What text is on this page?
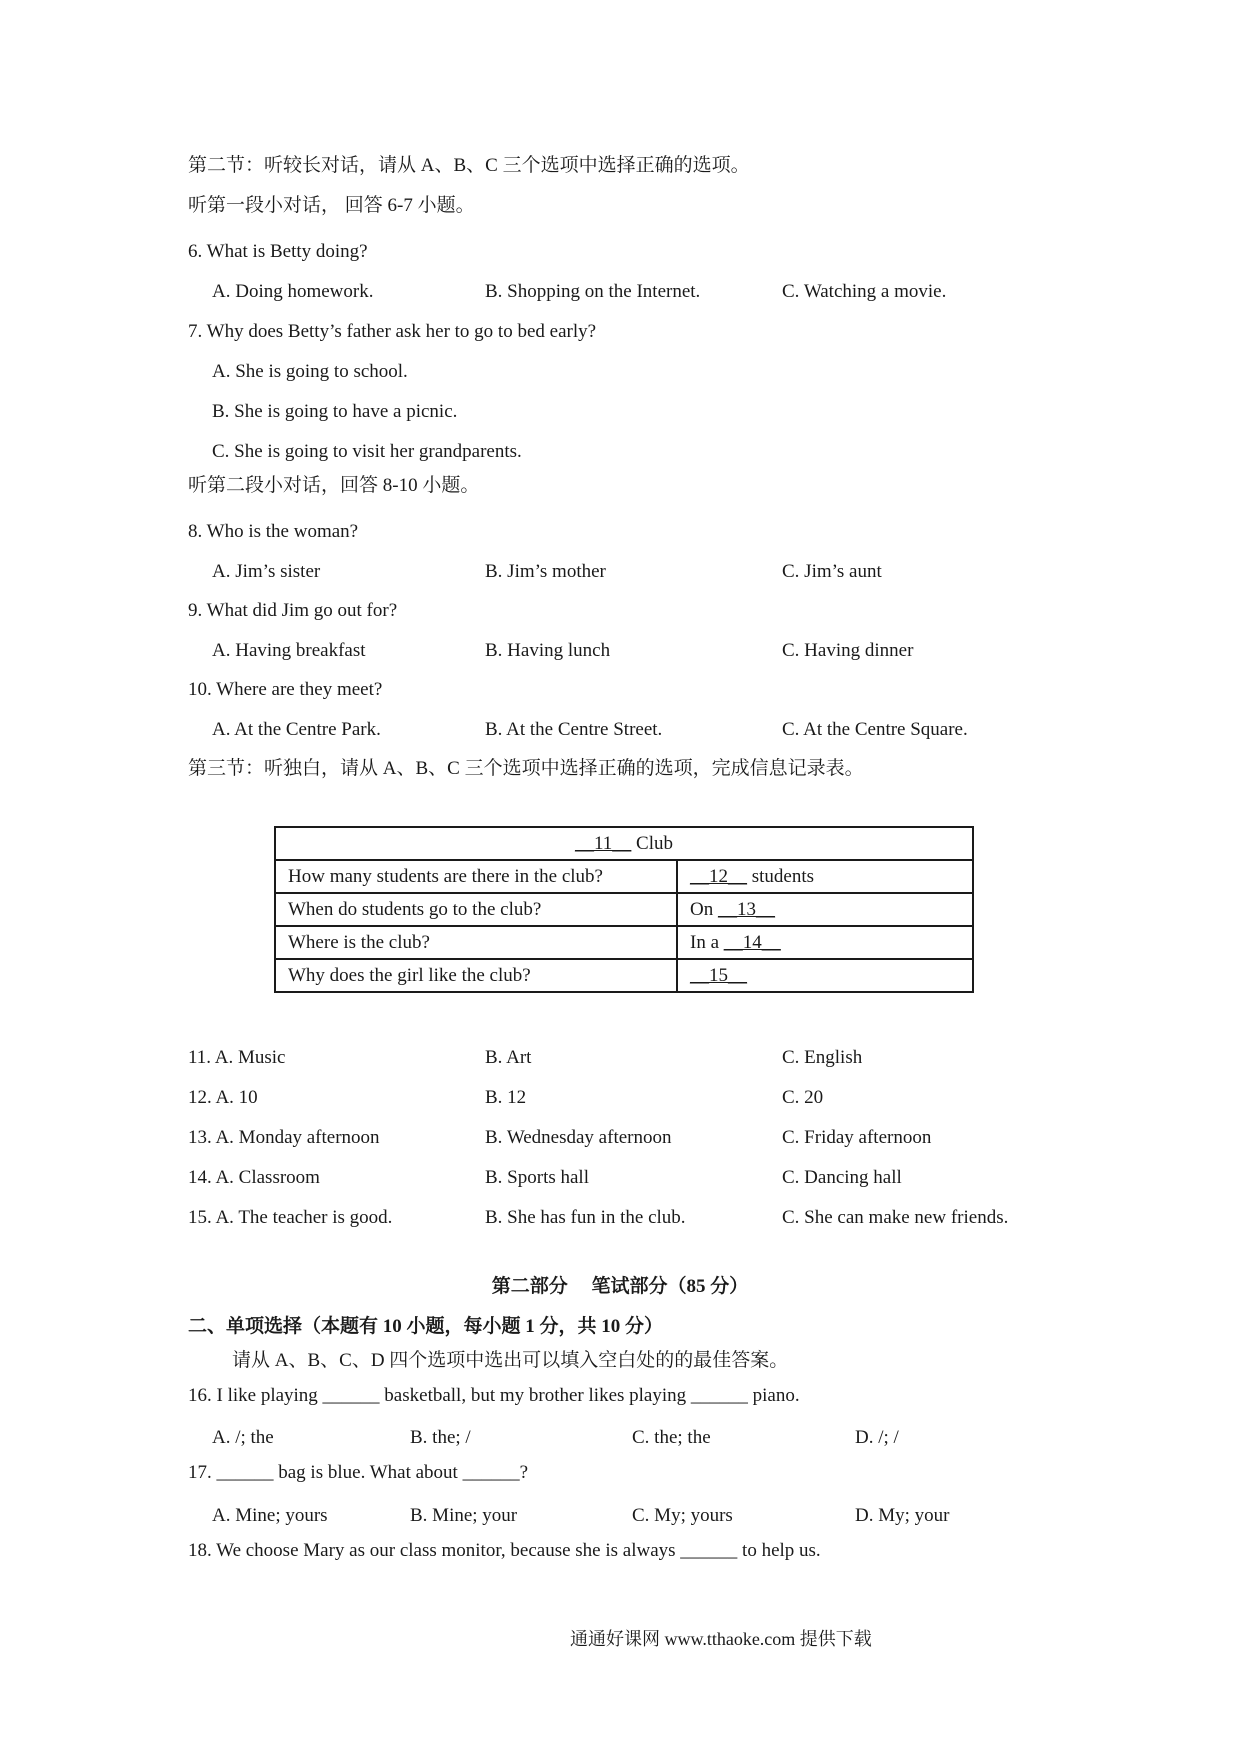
第二节：听较长对话，请从 A、B、C 三个选项中选择正确的选项。
听第一段小对话， 回答 6-7 小题。
6. What is Betty doing?
A. Doing homework.	B. Shopping on the Internet.	C. Watching a movie.
7. Why does Betty’s father ask her to go to bed early?
A. She is going to school.
B. She is going to have a picnic.
C. She is going to visit her grandparents.
听第二段小对话，回答 8-10 小题。
8. Who is the woman?
A. Jim’s sister	B. Jim’s mother	C. Jim’s aunt
9. What did Jim go out for?
A. Having breakfast	B. Having lunch	C. Having dinner
10. Where are they meet?
A. At the Centre Park.	B. At the Centre Street.	C. At the Centre Square.
第三节：听独白，请从 A、B、C 三个选项中选择正确的选项，完成信息记录表。
__11__ Club	
How many students are there in the club?	__12__ students
When do students go to the club?	On __13__
Where is the club?	In a __14__
Why does the girl like the club?	__15__
11. A. Music	B. Art	C. English
12. A. 10	B. 12	C. 20
13. A. Monday afternoon	B. Wednesday afternoon	C. Friday afternoon
14. A. Classroom	B. Sports hall	C. Dancing hall
15. A. The teacher is good.	B. She has fun in the club.	C. She can make new friends.
第二部分　 笔试部分（85 分）
二、单项选择（本题有 10 小题，每小题 1 分，共 10 分）
请从 A、B、C、D 四个选项中选出可以填入空白处的的最佳答案。
16. I like playing ______ basketball, but my brother likes playing ______ piano.
A. /; the	B. the; /	C. the; the	D. /; /
17. ______ bag is blue. What about ______?
A. Mine; yours	B. Mine; your	C. My; yours	D. My; your
18. We choose Mary as our class monitor, because she is always ______ to help us.
通通好课网 www.tthaoke.com 提供下载
